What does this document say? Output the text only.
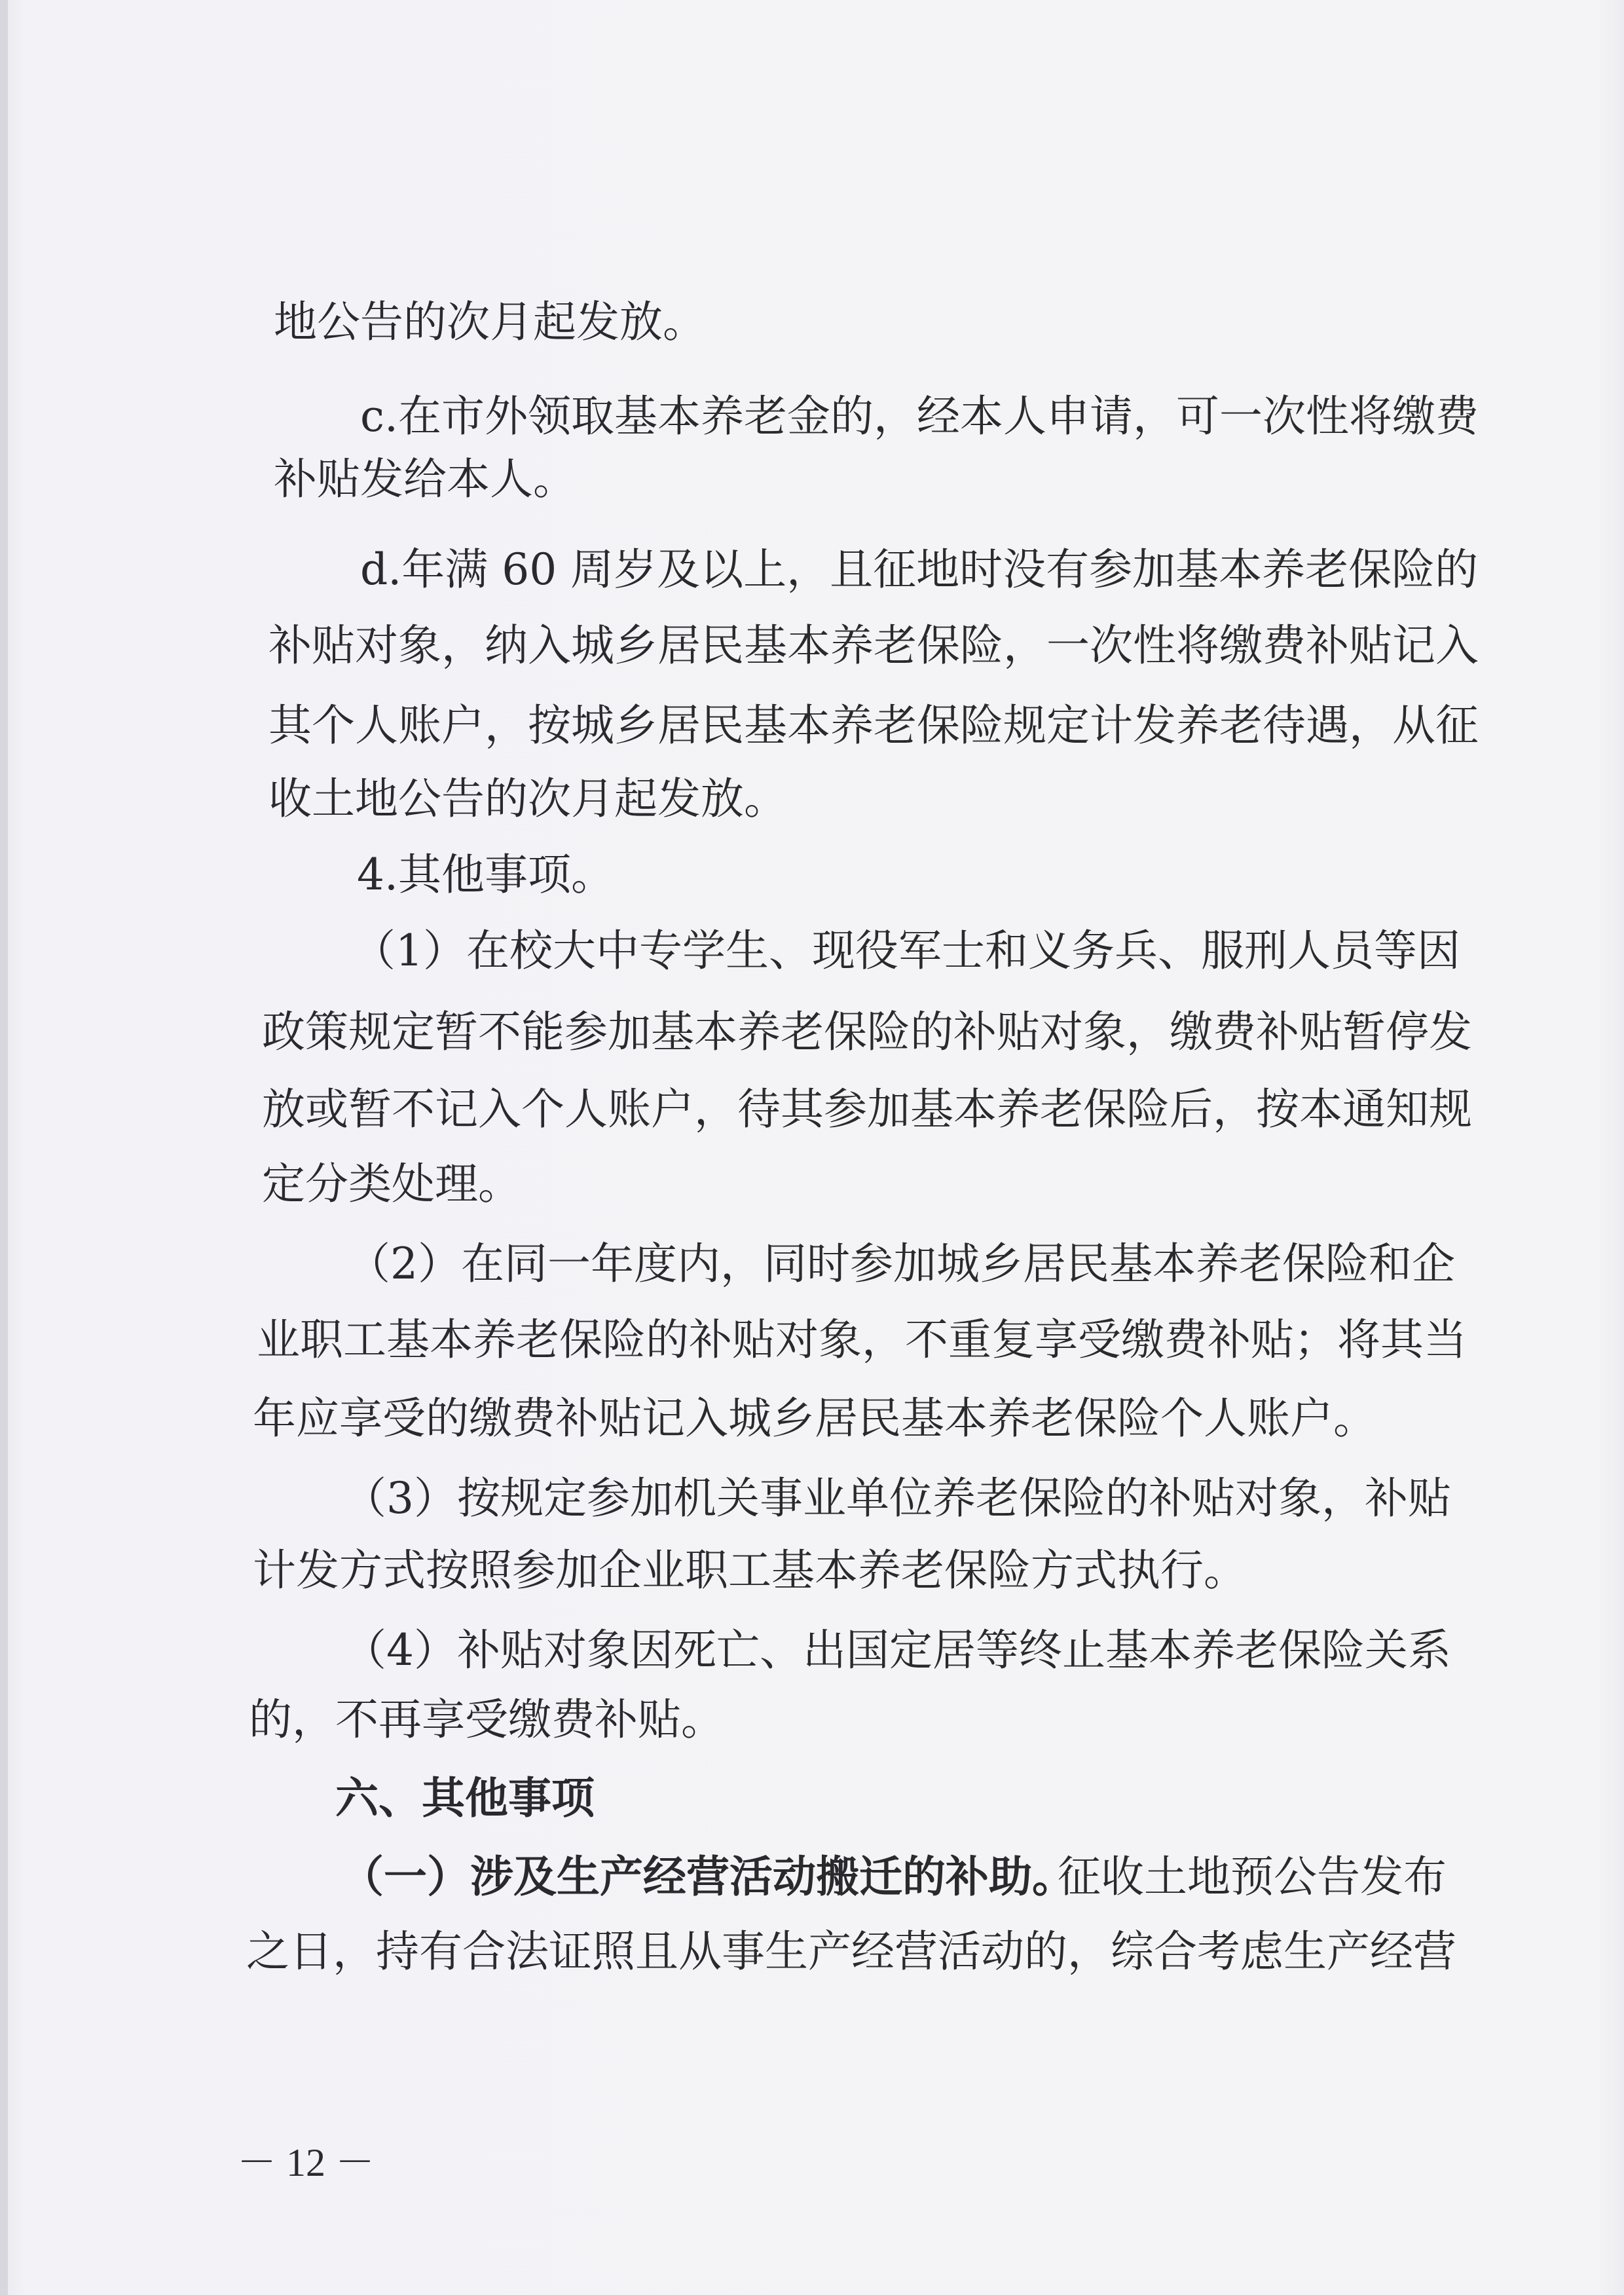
地公告的次月起发放。
c.在市外领取基本养老金的，经本人申请，可一次性将缴费
补贴发给本人。
d.年满 60 周岁及以上，且征地时没有参加基本养老保险的
补贴对象，纳入城乡居民基本养老保险，一次性将缴费补贴记入
其个人账户，按城乡居民基本养老保险规定计发养老待遇，从征
收土地公告的次月起发放。
4.其他事项。
（1）在校大中专学生、现役军士和义务兵、服刑人员等因
政策规定暂不能参加基本养老保险的补贴对象，缴费补贴暂停发
放或暂不记入个人账户，待其参加基本养老保险后，按本通知规
定分类处理。
（2）在同一年度内，同时参加城乡居民基本养老保险和企
业职工基本养老保险的补贴对象，不重复享受缴费补贴；将其当
年应享受的缴费补贴记入城乡居民基本养老保险个人账户。
（3）按规定参加机关事业单位养老保险的补贴对象，补贴
计发方式按照参加企业职工基本养老保险方式执行。
（4）补贴对象因死亡、出国定居等终止基本养老保险关系
的，不再享受缴费补贴。
六、其他事项
（一）涉及生产经营活动搬迁的补助。
征收土地预公告发布
之日，持有合法证照且从事生产经营活动的，综合考虑生产经营
－ 12 －
